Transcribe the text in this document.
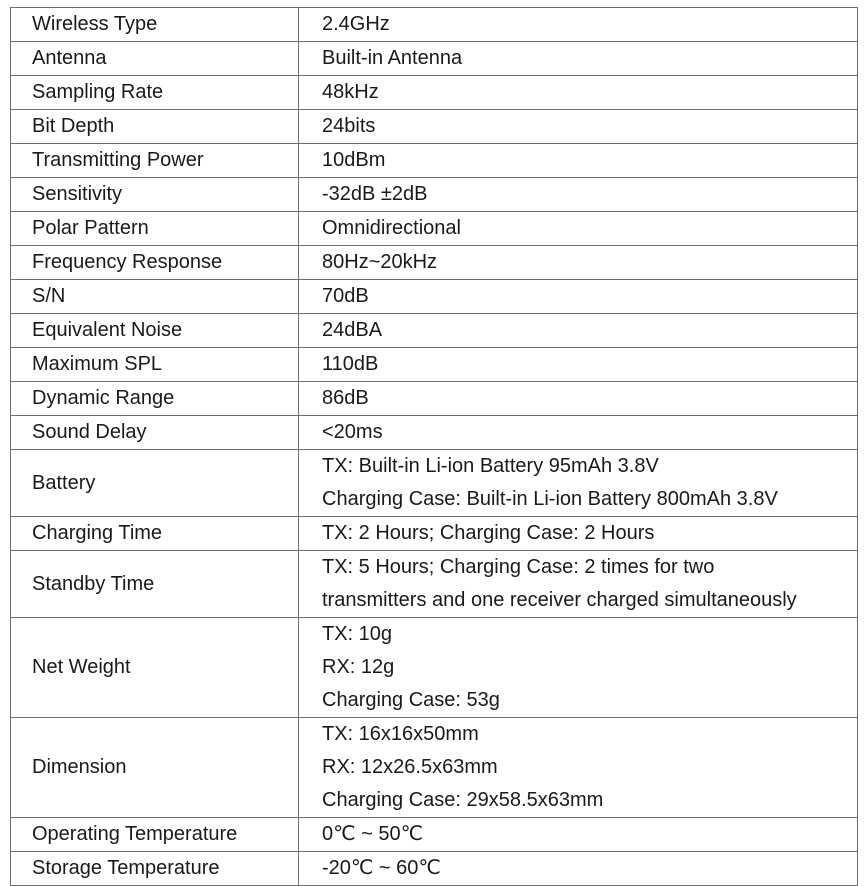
Wireless Type	2.4GHz

Antenna	Built-in Antenna

Sampling Rate	48kHz

Bit Depth	24bits

Transmitting Power	10dBm

Sensitivity	-32dB ±2dB

Polar Pattern	Omnidirectional

Frequency Response	80Hz~20kHz

S/N	70dB

Equivalent Noise	24dBA

Maximum SPL	110dB

Dynamic Range	86dB

Sound Delay	<20ms

Battery	TX: Built-in Li-ion Battery 95mAh 3.8V
Charging Case: Built-in Li-ion Battery 800mAh 3.8V

Charging Time	TX: 2 Hours; Charging Case: 2 Hours

Standby Time	TX: 5 Hours; Charging Case: 2 times for two
transmitters and one receiver charged simultaneously

Net Weight	TX: 10g
RX: 12g
Charging Case: 53g

Dimension	TX: 16x16x50mm
RX: 12x26.5x63mm
Charging Case: 29x58.5x63mm

Operating Temperature	0℃ ~ 50℃

Storage Temperature	-20℃ ~ 60℃
